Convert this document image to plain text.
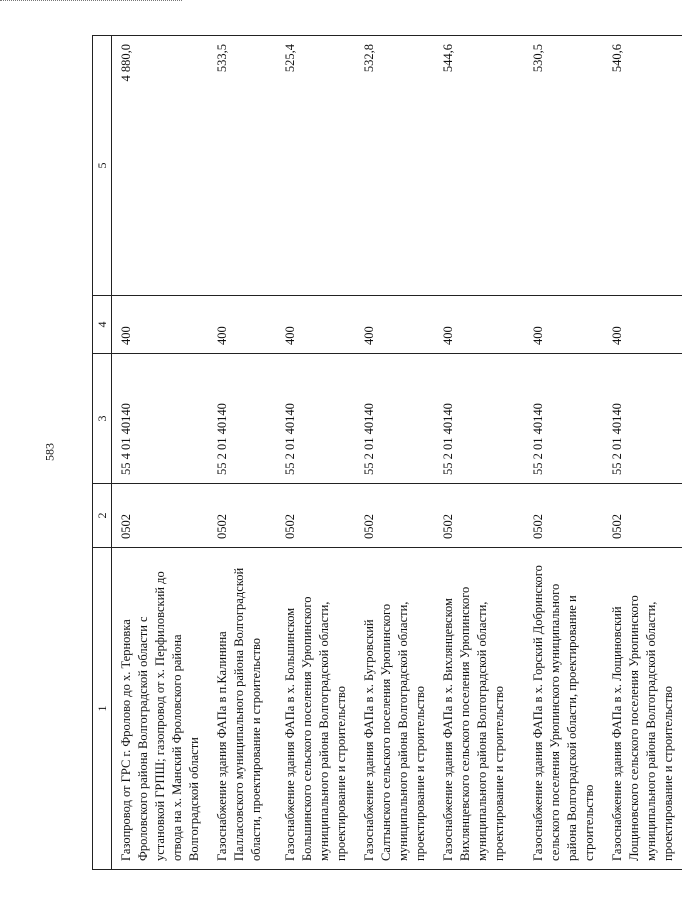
583
1	2	3	4	5
Газопровод от ГРС г. Фролово до х. Терновка Фроловского района Волгоградской области с установкой ГРПШ; газопровод от х. Перфиловский до отвода на х. Манский Фроловского района Волгоградской области	0502	55 4 01 40140	400	4 880,0
Газоснабжение здания ФАПа в п.Калинина Палласовского муниципального района Волгоградской области, проектирование и строительство	0502	55 2 01 40140	400	533,5
Газоснабжение здания ФАПа в х. Большинском Большинского сельского поселения Урюпинского муниципального района Волгоградской области, проектирование и строительство	0502	55 2 01 40140	400	525,4
Газоснабжение здания ФАПа в х. Бугровский Салтынского сельского поселения Урюпинского муниципального района Волгоградской области, проектирование и строительство	0502	55 2 01 40140	400	532,8
Газоснабжение здания ФАПа в х. Вихлянцевском Вихлянцевского сельского поселения Урюпинского муниципального района Волгоградской области, проектирование и строительство	0502	55 2 01 40140	400	544,6
Газоснабжение здания ФАПа в х. Горский Добринского сельского поселения Урюпинского муниципального района Волгоградской области, проектирование и строительство	0502	55 2 01 40140	400	530,5
Газоснабжение здания ФАПа в х. Лощиновский Лощиновского сельского поселения Урюпинского муниципального района Волгоградской области, проектирование и строительство	0502	55 2 01 40140	400	540,6
